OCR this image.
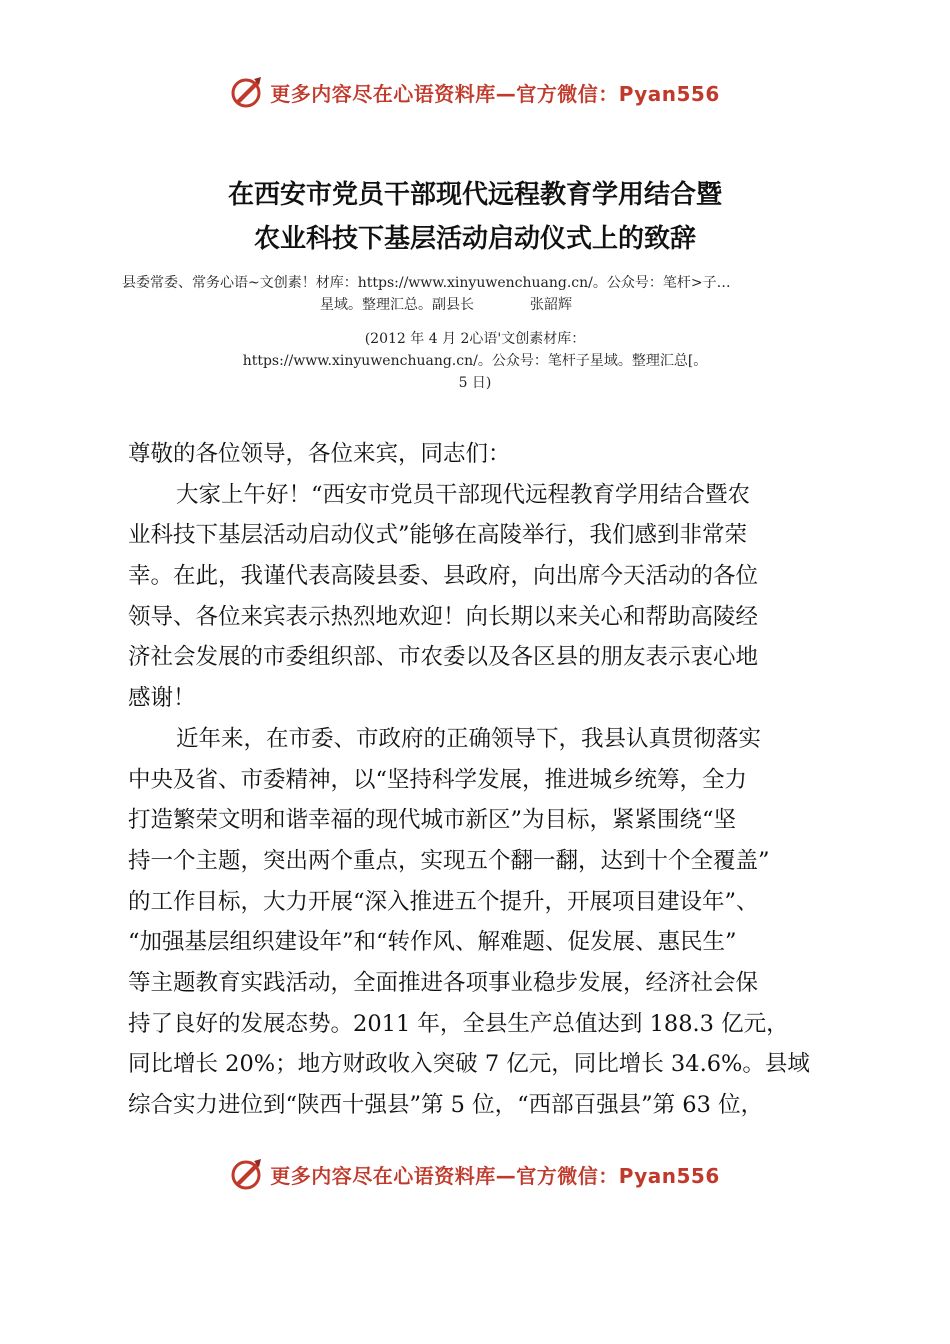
更多内容尽在心语资料库—官方微信：Pyan556
在西安市党员干部现代远程教育学用结合暨
农业科技下基层活动启动仪式上的致辞
县委常委、常务心语~文创素！材库：https://www.xinyuwenchuang.cn/。公众号：笔杆>子…
星域。整理汇总。副县长	张韶辉
(2012 年 4 月 2心语'文创素材库：
https://www.xinyuwenchuang.cn/。公众号：笔杆子星域。整理汇总[。
5 日)
尊敬的各位领导，各位来宾，同志们：
大家上午好！“西安市党员干部现代远程教育学用结合暨农
业科技下基层活动启动仪式”能够在高陵举行，我们感到非常荣
幸。在此，我谨代表高陵县委、县政府，向出席今天活动的各位
领导、各位来宾表示热烈地欢迎！向长期以来关心和帮助高陵经
济社会发展的市委组织部、市农委以及各区县的朋友表示衷心地
感谢！
近年来，在市委、市政府的正确领导下，我县认真贯彻落实
中央及省、市委精神，以“坚持科学发展，推进城乡统筹，全力
打造繁荣文明和谐幸福的现代城市新区”为目标，紧紧围绕“坚
持一个主题，突出两个重点，实现五个翻一翻，达到十个全覆盖”
的工作目标，大力开展“深入推进五个提升，开展项目建设年”、
“加强基层组织建设年”和“转作风、解难题、促发展、惠民生”
等主题教育实践活动，全面推进各项事业稳步发展，经济社会保
持了良好的发展态势。2011 年，全县生产总值达到 188.3 亿元，
同比增长 20%；地方财政收入突破 7 亿元，同比增长 34.6%。县域
综合实力进位到“陕西十强县”第 5 位，“西部百强县”第 63 位，
更多内容尽在心语资料库—官方微信：Pyan556
